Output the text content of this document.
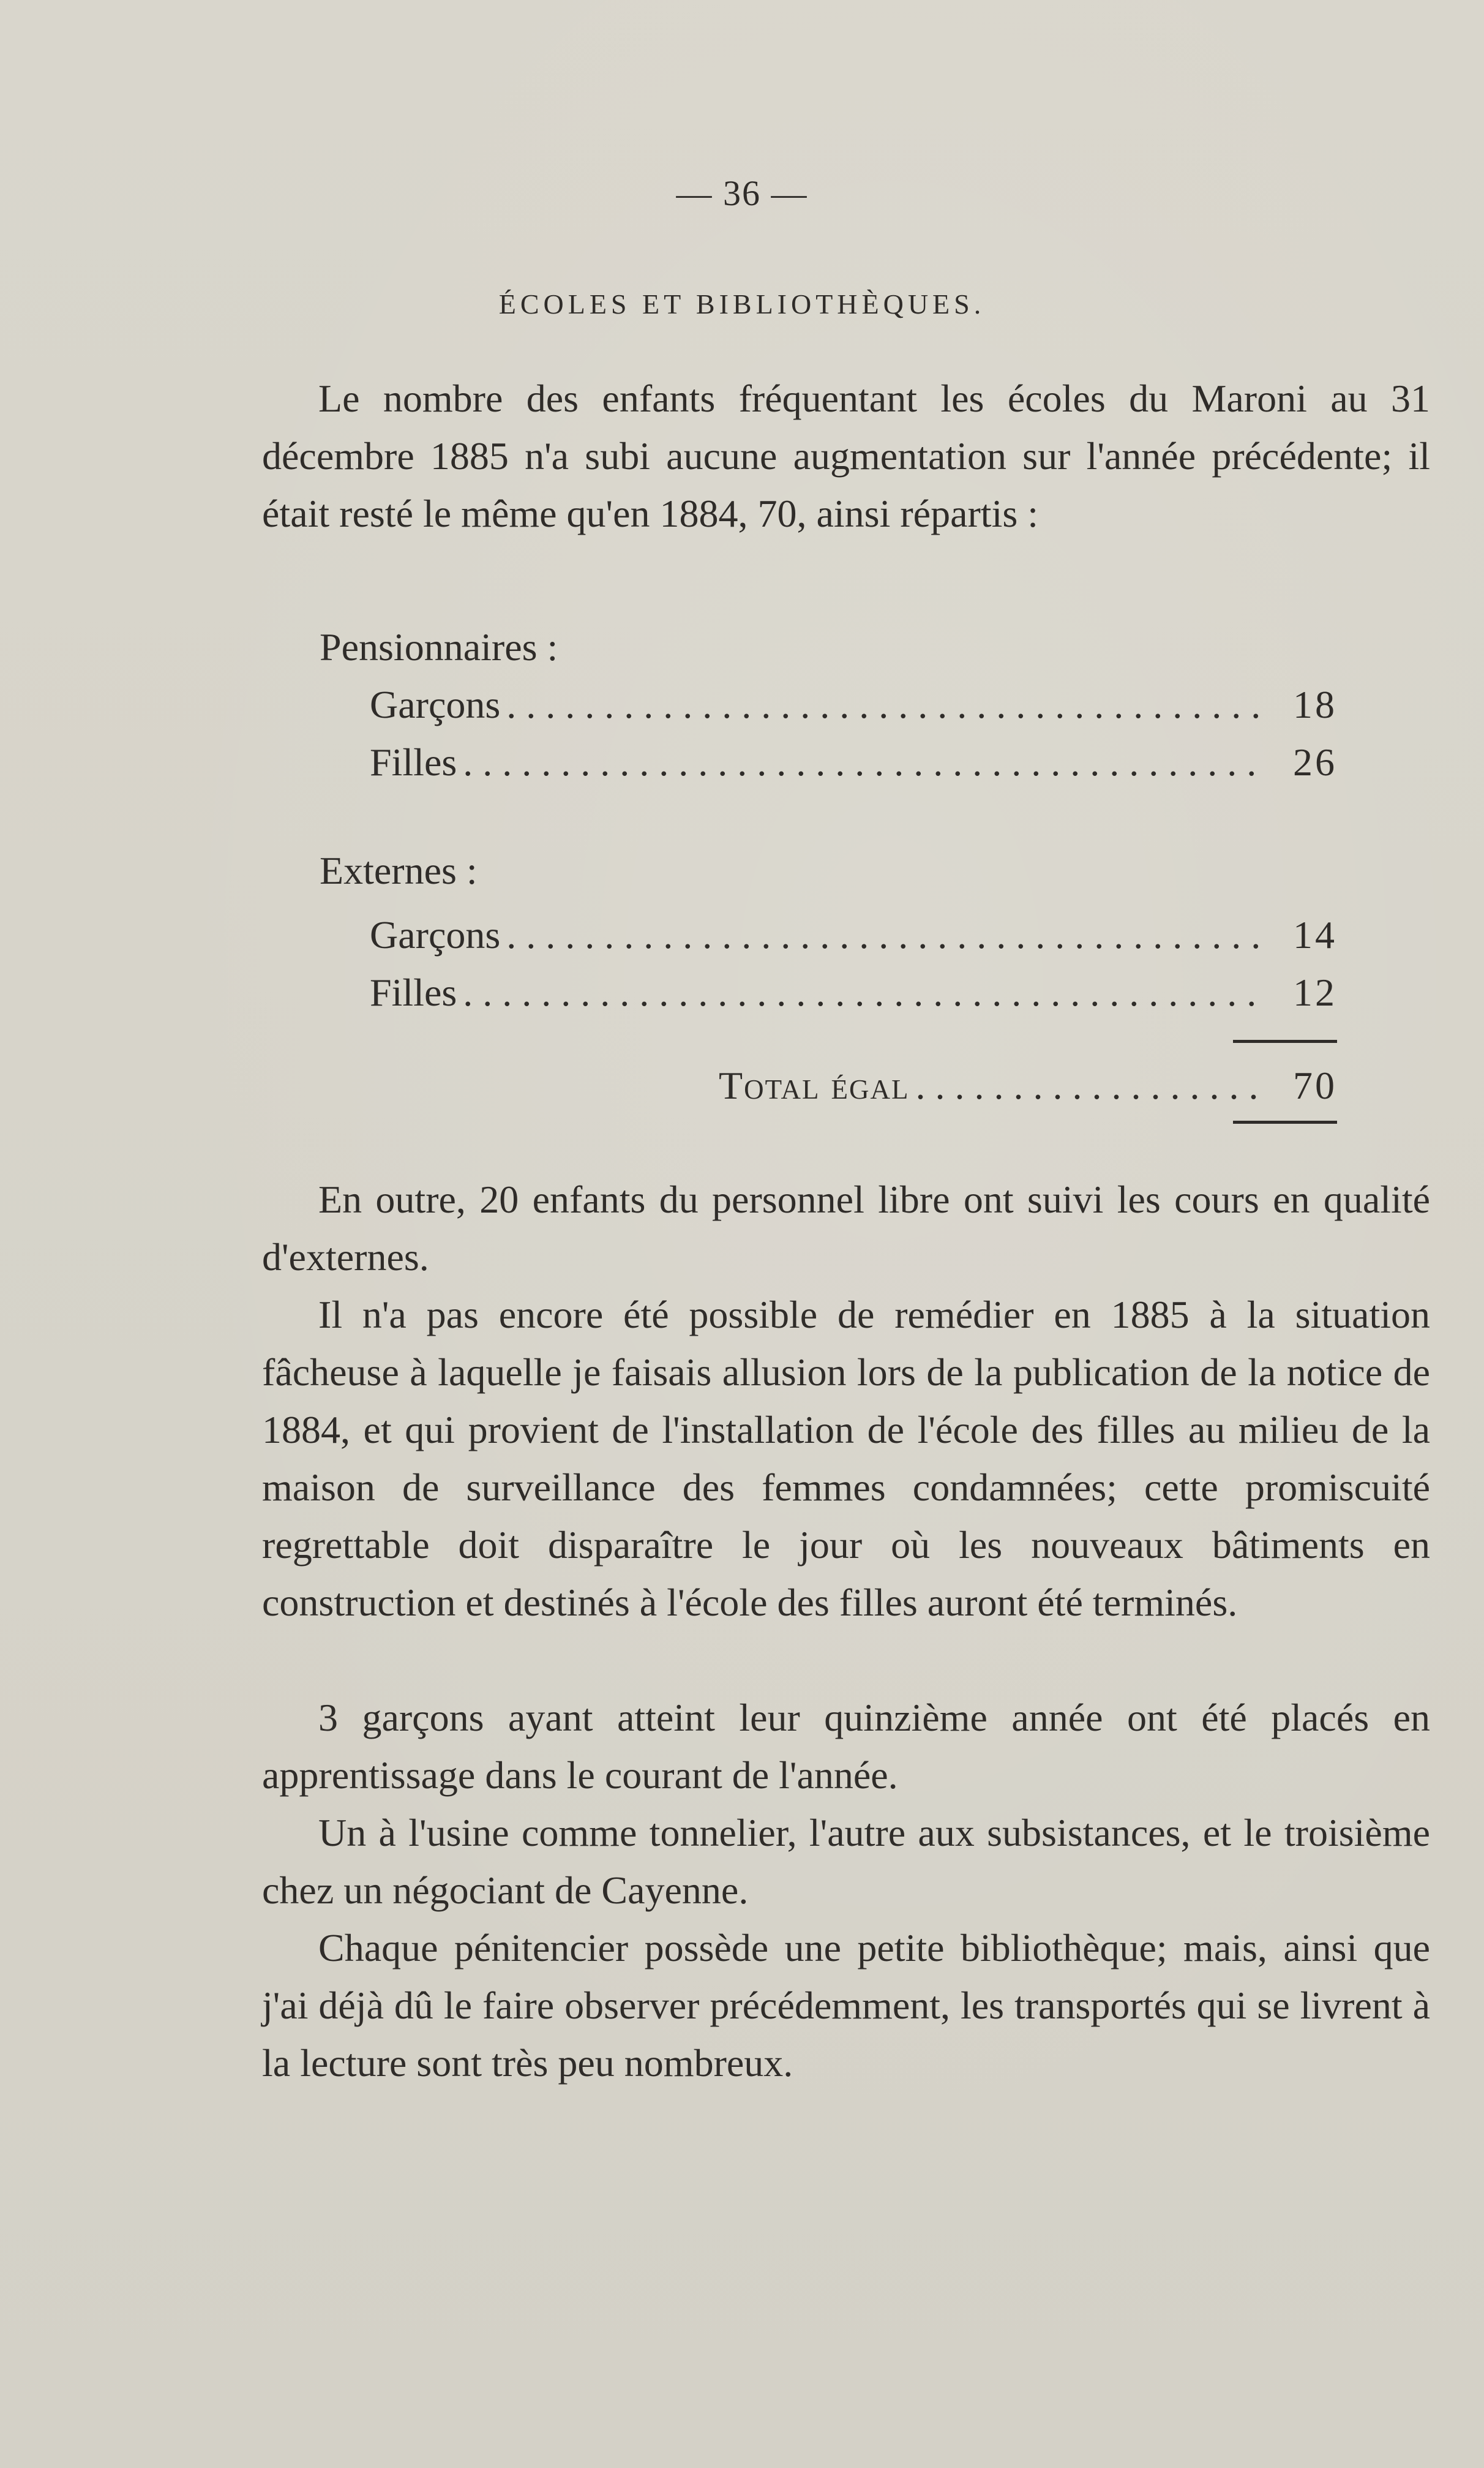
— 36 —
ÉCOLES ET BIBLIOTHÈQUES.

Le nombre des enfants fréquentant les écoles du Maroni au 31 décembre 1885 n'a subi aucune augmentation sur l'année précédente; il était resté le même qu'en 1884, 70, ainsi répartis :

Pensionnaires :

Garçons . . .	18
Filles . . .	26

Externes :

Garçons . . .	14
Filles . . .	12
Total égal . . .	70

En outre, 20 enfants du personnel libre ont suivi les cours en qualité d'externes.

Il n'a pas encore été possible de remédier en 1885 à la situation fâcheuse à laquelle je faisais allusion lors de la publication de la notice de 1884, et qui provient de l'installation de l'école des filles au milieu de la maison de surveillance des femmes condamnées; cette promiscuité regrettable doit disparaître le jour où les nouveaux bâtiments en construction et destinés à l'école des filles auront été terminés.

3 garçons ayant atteint leur quinzième année ont été placés en apprentissage dans le courant de l'année.

Un à l'usine comme tonnelier, l'autre aux subsistances, et le troisième chez un négociant de Cayenne.

Chaque pénitencier possède une petite bibliothèque; mais, ainsi que j'ai déjà dû le faire observer précédemment, les transportés qui se livrent à la lecture sont très peu nombreux.
